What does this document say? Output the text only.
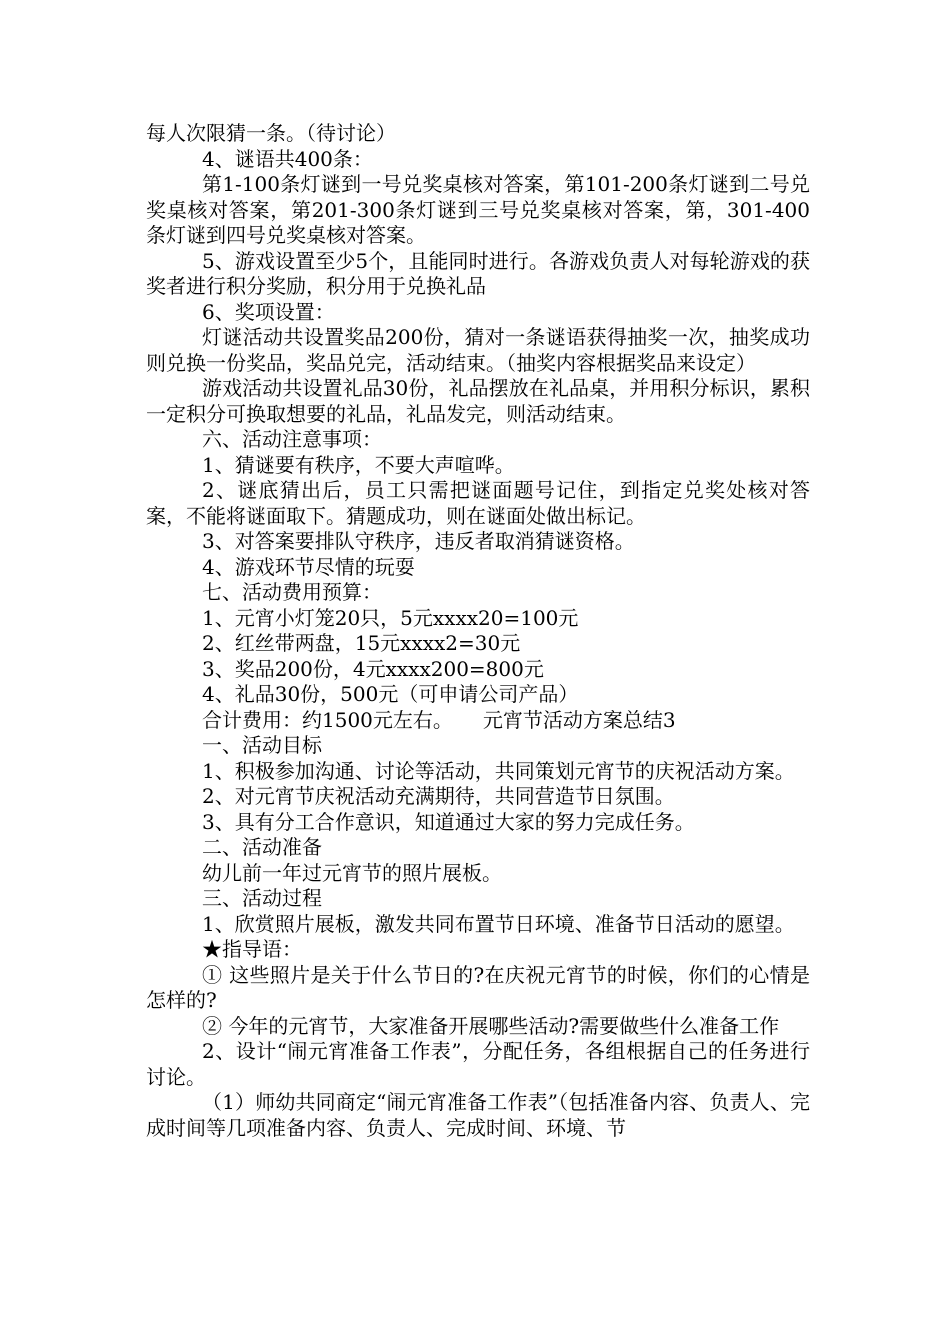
每人次限猜一条。（待讨论）

4、谜语共400条：

第1-100条灯谜到一号兑奖桌核对答案，第101-200条灯谜到二号兑奖桌核对答案，第201-300条灯谜到三号兑奖桌核对答案，第，301-400条灯谜到四号兑奖桌核对答案。

5、游戏设置至少5个，且能同时进行。各游戏负责人对每轮游戏的获奖者进行积分奖励，积分用于兑换礼品

6、奖项设置：

灯谜活动共设置奖品200份，猜对一条谜语获得抽奖一次，抽奖成功则兑换一份奖品，奖品兑完，活动结束。（抽奖内容根据奖品来设定）

游戏活动共设置礼品30份，礼品摆放在礼品桌，并用积分标识，累积一定积分可换取想要的礼品，礼品发完，则活动结束。

六、活动注意事项：

1、猜谜要有秩序，不要大声喧哗。

2、谜底猜出后，员工只需把谜面题号记住，到指定兑奖处核对答案，不能将谜面取下。猜题成功，则在谜面处做出标记。

3、对答案要排队守秩序，违反者取消猜谜资格。

4、游戏环节尽情的玩耍

七、活动费用预算：

1、元宵小灯笼20只，5元xxxx20=100元

2、红丝带两盘，15元xxxx2=30元

3、奖品200份，4元xxxx200=800元

4、礼品30份，500元（可申请公司产品）

合计费用：约1500元左右。　　元宵节活动方案总结3

一、活动目标

1、积极参加沟通、讨论等活动，共同策划元宵节的庆祝活动方案。

2、对元宵节庆祝活动充满期待，共同营造节日氛围。

3、具有分工合作意识，知道通过大家的努力完成任务。

二、活动准备

幼儿前一年过元宵节的照片展板。

三、活动过程

1、欣赏照片展板，激发共同布置节日环境、准备节日活动的愿望。

★指导语：

① 这些照片是关于什么节日的?在庆祝元宵节的时候，你们的心情是怎样的?

② 今年的元宵节，大家准备开展哪些活动?需要做些什么准备工作

2、设计“闹元宵准备工作表”，分配任务，各组根据自己的任务进行讨论。

（1）师幼共同商定“闹元宵准备工作表”（包括准备内容、负责人、完成时间等几项准备内容、负责人、完成时间、环境、节
